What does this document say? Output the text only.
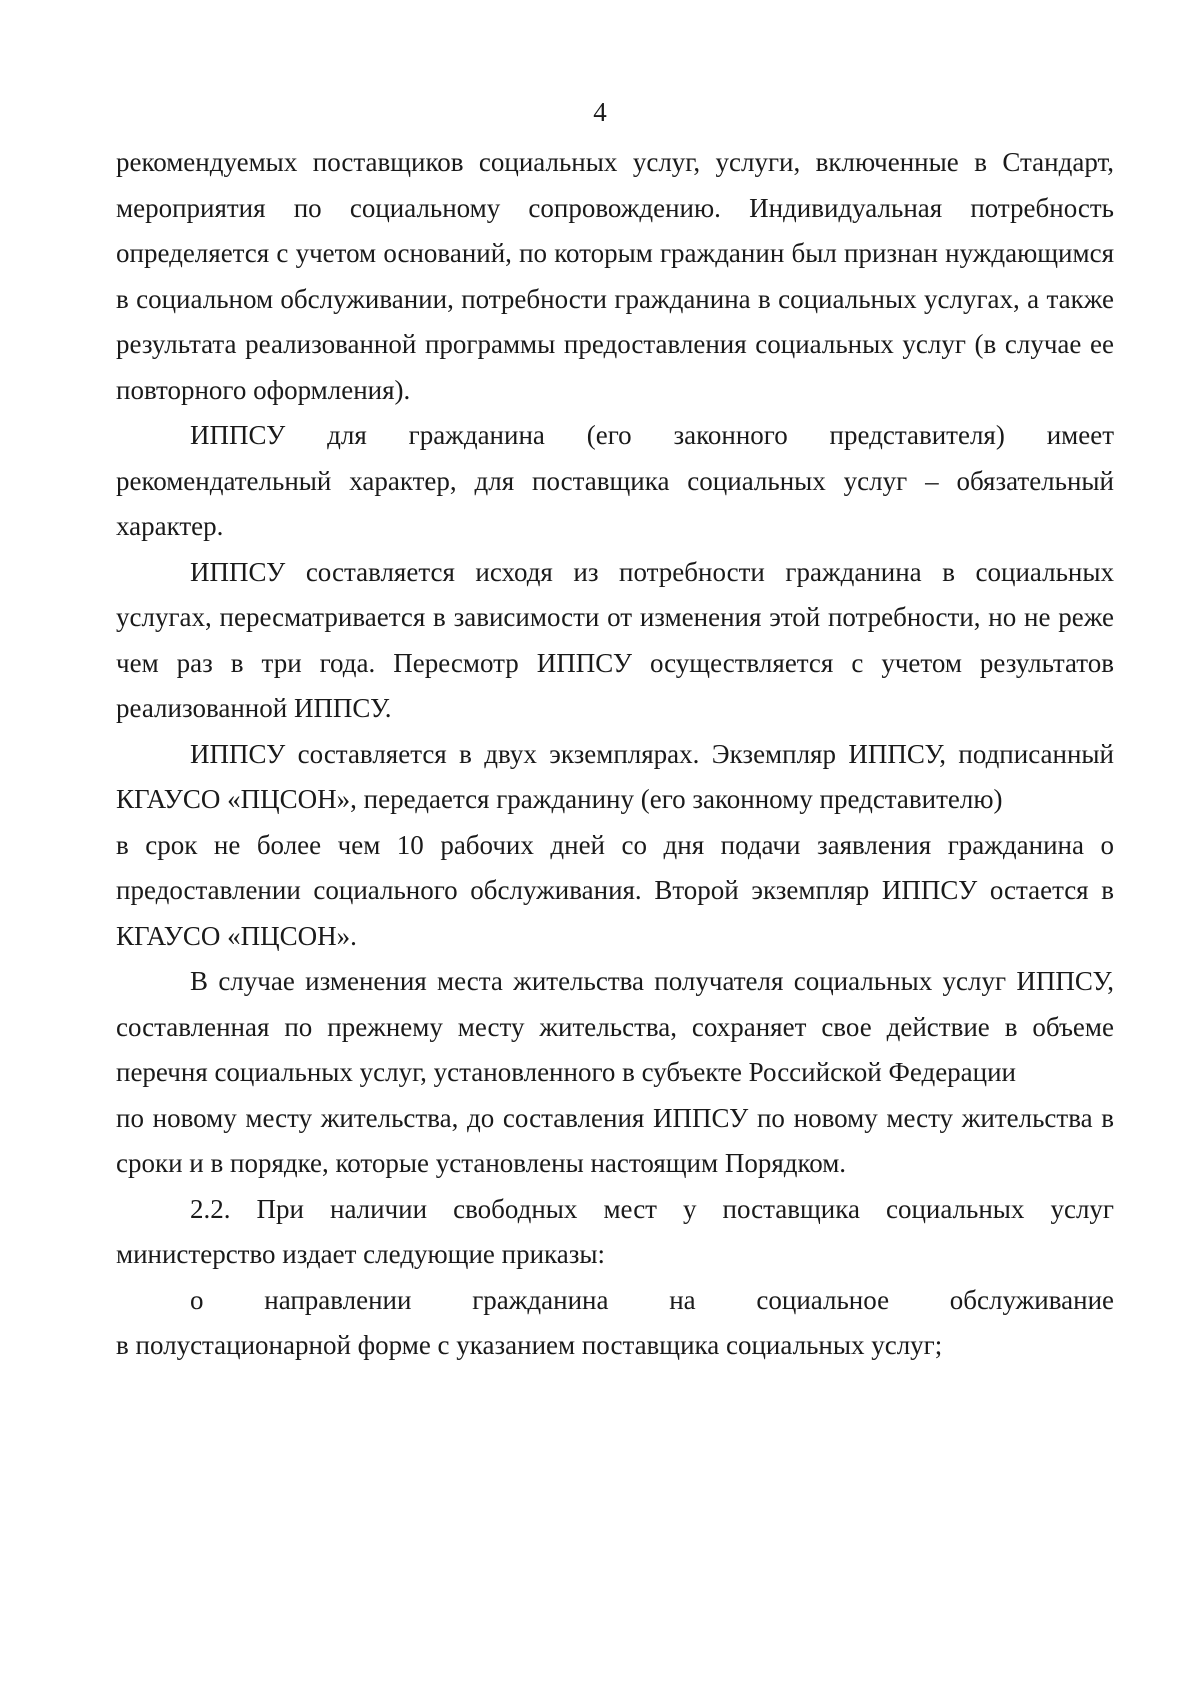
4

рекомендуемых поставщиков социальных услуг, услуги, включенные в Стандарт, мероприятия по социальному сопровождению. Индивидуальная потребность определяется с учетом оснований, по которым гражданин был признан нуждающимся в социальном обслуживании, потребности гражданина в социальных услугах, а также результата реализованной программы предоставления социальных услуг (в случае ее повторного оформления).

ИППСУ для гражданина (его законного представителя) имеет рекомендательный характер, для поставщика социальных услуг – обязательный характер.

ИППСУ составляется исходя из потребности гражданина в социальных услугах, пересматривается в зависимости от изменения этой потребности, но не реже чем раз в три года. Пересмотр ИППСУ осуществляется с учетом результатов реализованной ИППСУ.

ИППСУ составляется в двух экземплярах. Экземпляр ИППСУ, подписанный КГАУСО «ПЦСОН», передается гражданину (его законному представителю)

в срок не более чем 10 рабочих дней со дня подачи заявления гражданина о предоставлении социального обслуживания. Второй экземпляр ИППСУ остается в КГАУСО «ПЦСОН».

В случае изменения места жительства получателя социальных услуг ИППСУ, составленная по прежнему месту жительства, сохраняет свое действие в объеме перечня социальных услуг, установленного в субъекте Российской Федерации

по новому месту жительства, до составления ИППСУ по новому месту жительства в сроки и в порядке, которые установлены настоящим Порядком.

2.2. При наличии свободных мест у поставщика социальных услуг министерство издает следующие приказы:

о направлении гражданина на социальное обслуживание

в полустационарной форме с указанием поставщика социальных услуг;
